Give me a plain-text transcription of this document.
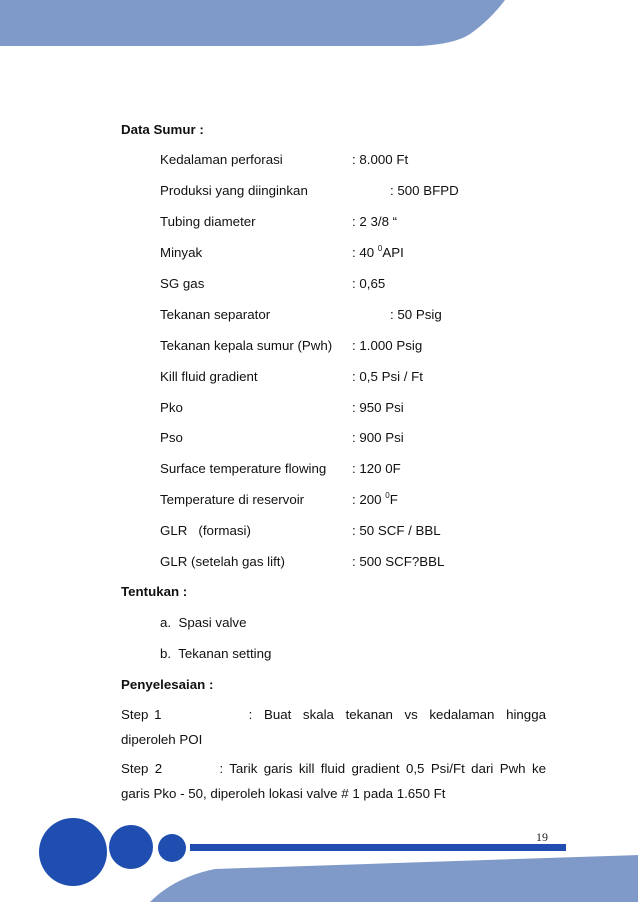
Data Sumur :
Kedalaman perforasi	: 8.000 Ft
Produksi yang diinginkan	: 500 BFPD
Tubing diameter	: 2 3/8 “
Minyak	: 40 $^0$API
SG gas	: 0,65
Tekanan separator	: 50 Psig
Tekanan kepala sumur (Pwh) : 1.000 Psig
Kill fluid gradient	: 0,5 Psi / Ft
Pko	: 950 Psi
Pso	: 900 Psi
Surface temperature flowing : 120 0F
Temperature di reservoir	: 200 $^0$F
GLR   (formasi)	: 50 SCF / BBL
GLR (setelah gas lift)	: 500 SCF?BBL
Tentukan :
a.  Spasi valve
b.  Tekanan setting
Penyelesaian :
Step 1               :  Buat  skala  tekanan  vs  kedalaman  hingga
diperoleh POI
Step 2         : Tarik garis kill fluid gradient 0,5 Psi/Ft dari Pwh ke
garis Pko - 50, diperoleh lokasi valve # 1 pada 1.650 Ft
19
